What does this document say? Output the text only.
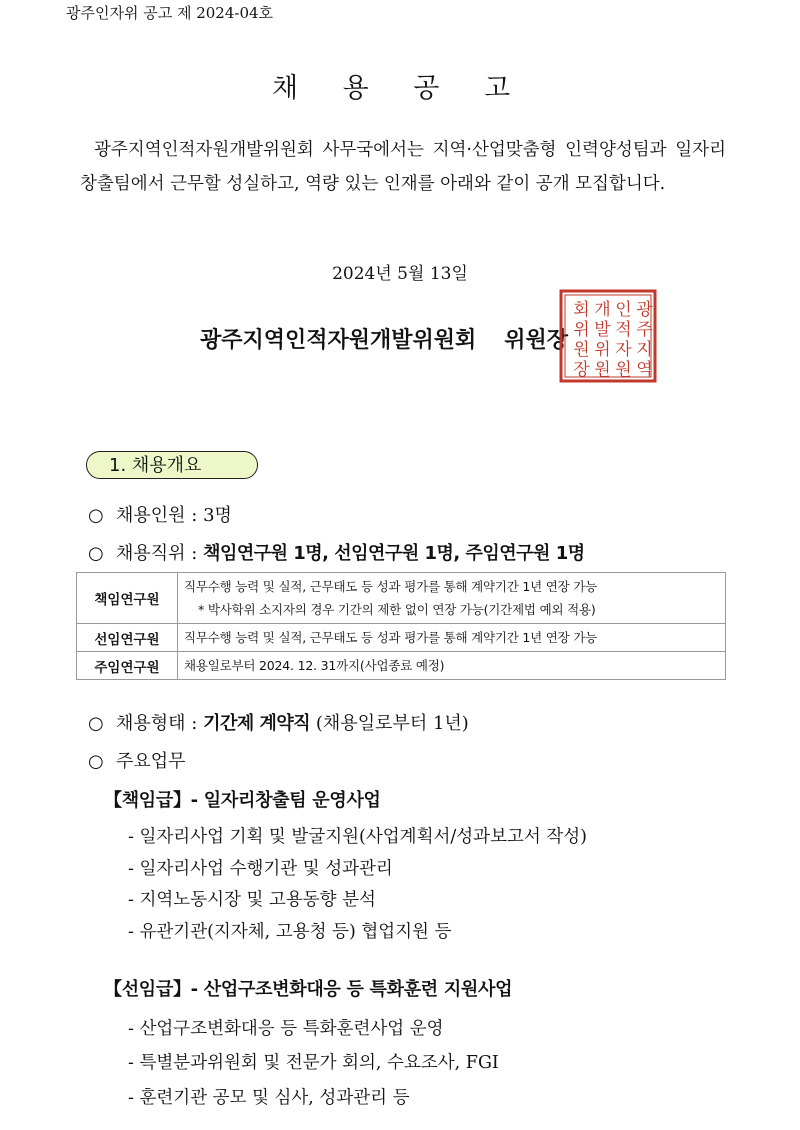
광주인자위 공고 제 2024-04호
채 용 공 고

광주지역인적자원개발위원회 사무국에서는 지역·산업맞춤형 인력양성팀과 일자리창출팀에서 근무할 성실하고, 역량 있는 인재를 아래와 같이 공개 모집합니다.

2024년 5월 13일
광주지역인적자원개발위원회 위원장
광
주
지
역
인
적
자
원
개
발
위
원
회
위
원
장
1. 채용개요
○ 채용인원 : 3명
○ 채용직위 : 책임연구원 1명, 선임연구원 1명, 주임연구원 1명
책임연구원	직무수행 능력 및 실적, 근무태도 등 성과 평가를 통해 계약기간 1년 연장 가능
* 박사학위 소지자의 경우 기간의 제한 없이 연장 가능(기간제법 예외 적용)

선임연구원	직무수행 능력 및 실적, 근무태도 등 성과 평가를 통해 계약기간 1년 연장 가능

주임연구원	채용일로부터 2024. 12. 31까지(사업종료 예정)
○ 채용형태 : 기간제 계약직 (채용일로부터 1년)
○ 주요업무
【책임급】- 일자리창출팀 운영사업
- 일자리사업 기획 및 발굴지원(사업계획서/성과보고서 작성)
- 일자리사업 수행기관 및 성과관리
- 지역노동시장 및 고용동향 분석
- 유관기관(지자체, 고용청 등) 협업지원 등
【선임급】- 산업구조변화대응 등 특화훈련 지원사업
- 산업구조변화대응 등 특화훈련사업 운영
- 특별분과위원회 및 전문가 회의, 수요조사, FGI
- 훈련기관 공모 및 심사, 성과관리 등
